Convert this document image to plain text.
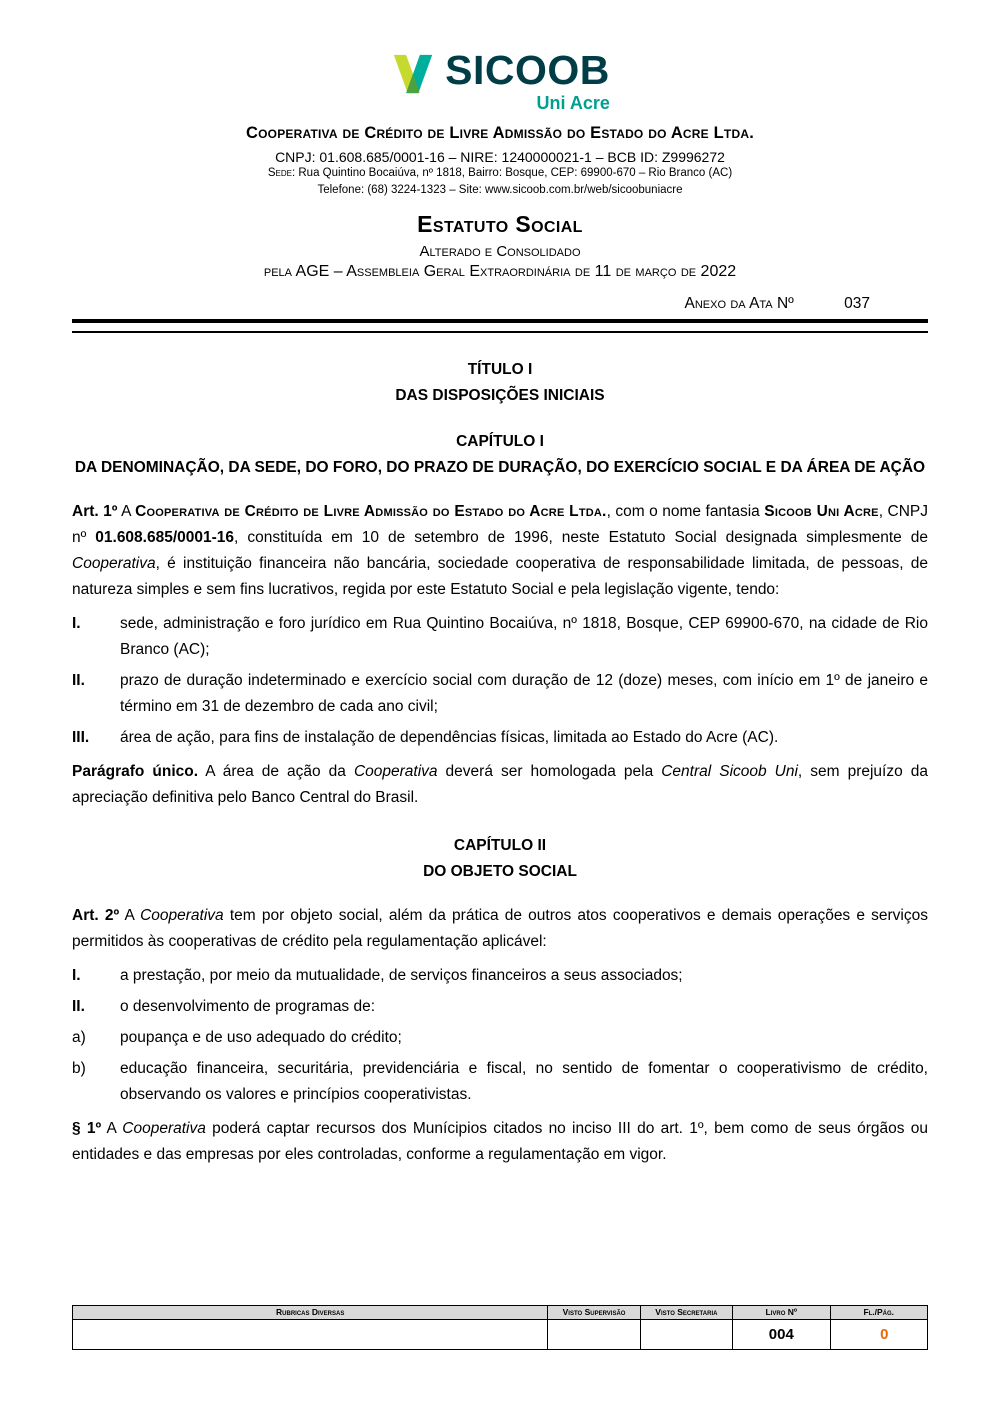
SICOOB
Uni Acre
Cooperativa de Crédito de Livre Admissão do Estado do Acre Ltda.
CNPJ: 01.608.685/0001-16 – NIRE: 1240000021-1 – BCB ID: Z9996272
Sede: Rua Quintino Bocaiúva, nº 1818, Bairro: Bosque, CEP: 69900-670 – Rio Branco (AC)
Telefone: (68) 3224-1323 – Site: www.sicoob.com.br/web/sicoobuniacre
Estatuto Social
Alterado e Consolidado
pela AGE – Assembleia Geral Extraordinária de 11 de março de 2022
Anexo da Ata Nº	037
TÍTULO I
DAS DISPOSIÇÕES INICIAIS
CAPÍTULO I
DA DENOMINAÇÃO, DA SEDE, DO FORO, DO PRAZO DE DURAÇÃO, DO EXERCÍCIO SOCIAL E DA ÁREA DE AÇÃO

Art. 1º A Cooperativa de Crédito de Livre Admissão do Estado do Acre Ltda., com o nome fantasia Sicoob Uni Acre, CNPJ nº 01.608.685/0001-16, constituída em 10 de setembro de 1996, neste Estatuto Social designada simplesmente de Cooperativa, é instituição financeira não bancária, sociedade cooperativa de responsabilidade limitada, de pessoas, de natureza simples e sem fins lucrativos, regida por este Estatuto Social e pela legislação vigente, tendo:

I.	sede, administração e foro jurídico em Rua Quintino Bocaiúva, nº 1818, Bosque, CEP 69900-670, na cidade de Rio Branco (AC);
II.	prazo de duração indeterminado e exercício social com duração de 12 (doze) meses, com início em 1º de janeiro e término em 31 de dezembro de cada ano civil;
III.	área de ação, para fins de instalação de dependências físicas, limitada ao Estado do Acre (AC).

Parágrafo único. A área de ação da Cooperativa deverá ser homologada pela Central Sicoob Uni, sem prejuízo da apreciação definitiva pelo Banco Central do Brasil.

CAPÍTULO II
DO OBJETO SOCIAL

Art. 2º A Cooperativa tem por objeto social, além da prática de outros atos cooperativos e demais operações e serviços permitidos às cooperativas de crédito pela regulamentação aplicável:

I.	a prestação, por meio da mutualidade, de serviços financeiros a seus associados;
II.	o desenvolvimento de programas de:
a)	poupança e de uso adequado do crédito;
b)	educação financeira, securitária, previdenciária e fiscal, no sentido de fomentar o cooperativismo de crédito, observando os valores e princípios cooperativistas.

§ 1º A Cooperativa poderá captar recursos dos Munícipios citados no inciso III do art. 1º, bem como de seus órgãos ou entidades e das empresas por eles controladas, conforme a regulamentação em vigor.

Rubricas Diversas	Visto Supervisão	Visto Secretaria	Livro Nº	Fl./Pág.
			004	0
